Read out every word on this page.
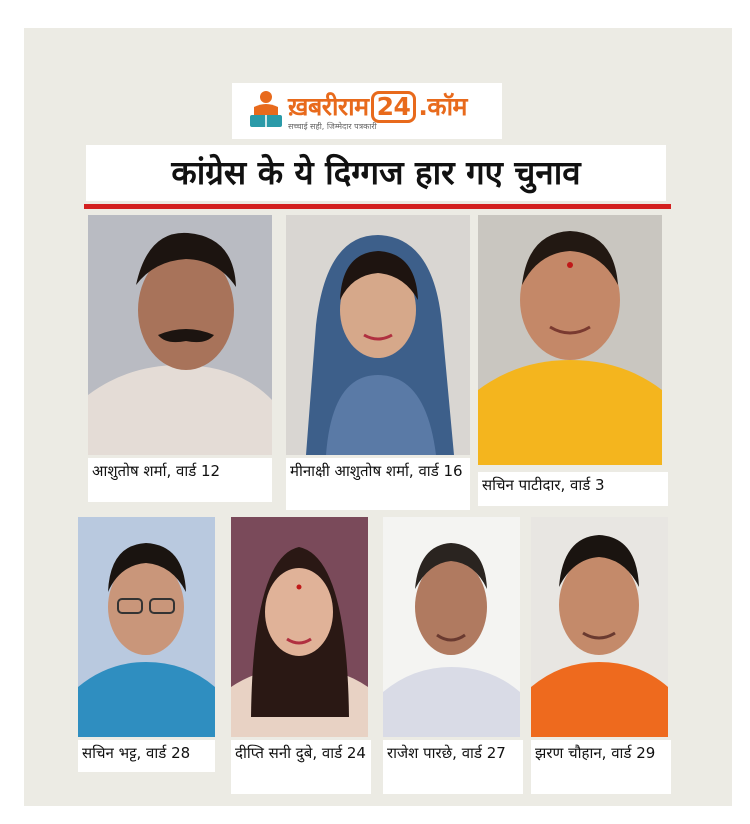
ख़बरीराम 24 .कॉम
सच्चाई सही, जिम्मेदार पत्रकारी
कांग्रेस के ये दिग्गज हार गए चुनाव
आशुतोष शर्मा, वार्ड 12	मीनाक्षी आशुतोष शर्मा, वार्ड 16
सचिन पाटीदार, वार्ड 3
सचिन भट्ट, वार्ड 28	दीप्ति सनी दुबे, वार्ड 24	राजेश पारछे, वार्ड 27	झरण चौहान, वार्ड 29
